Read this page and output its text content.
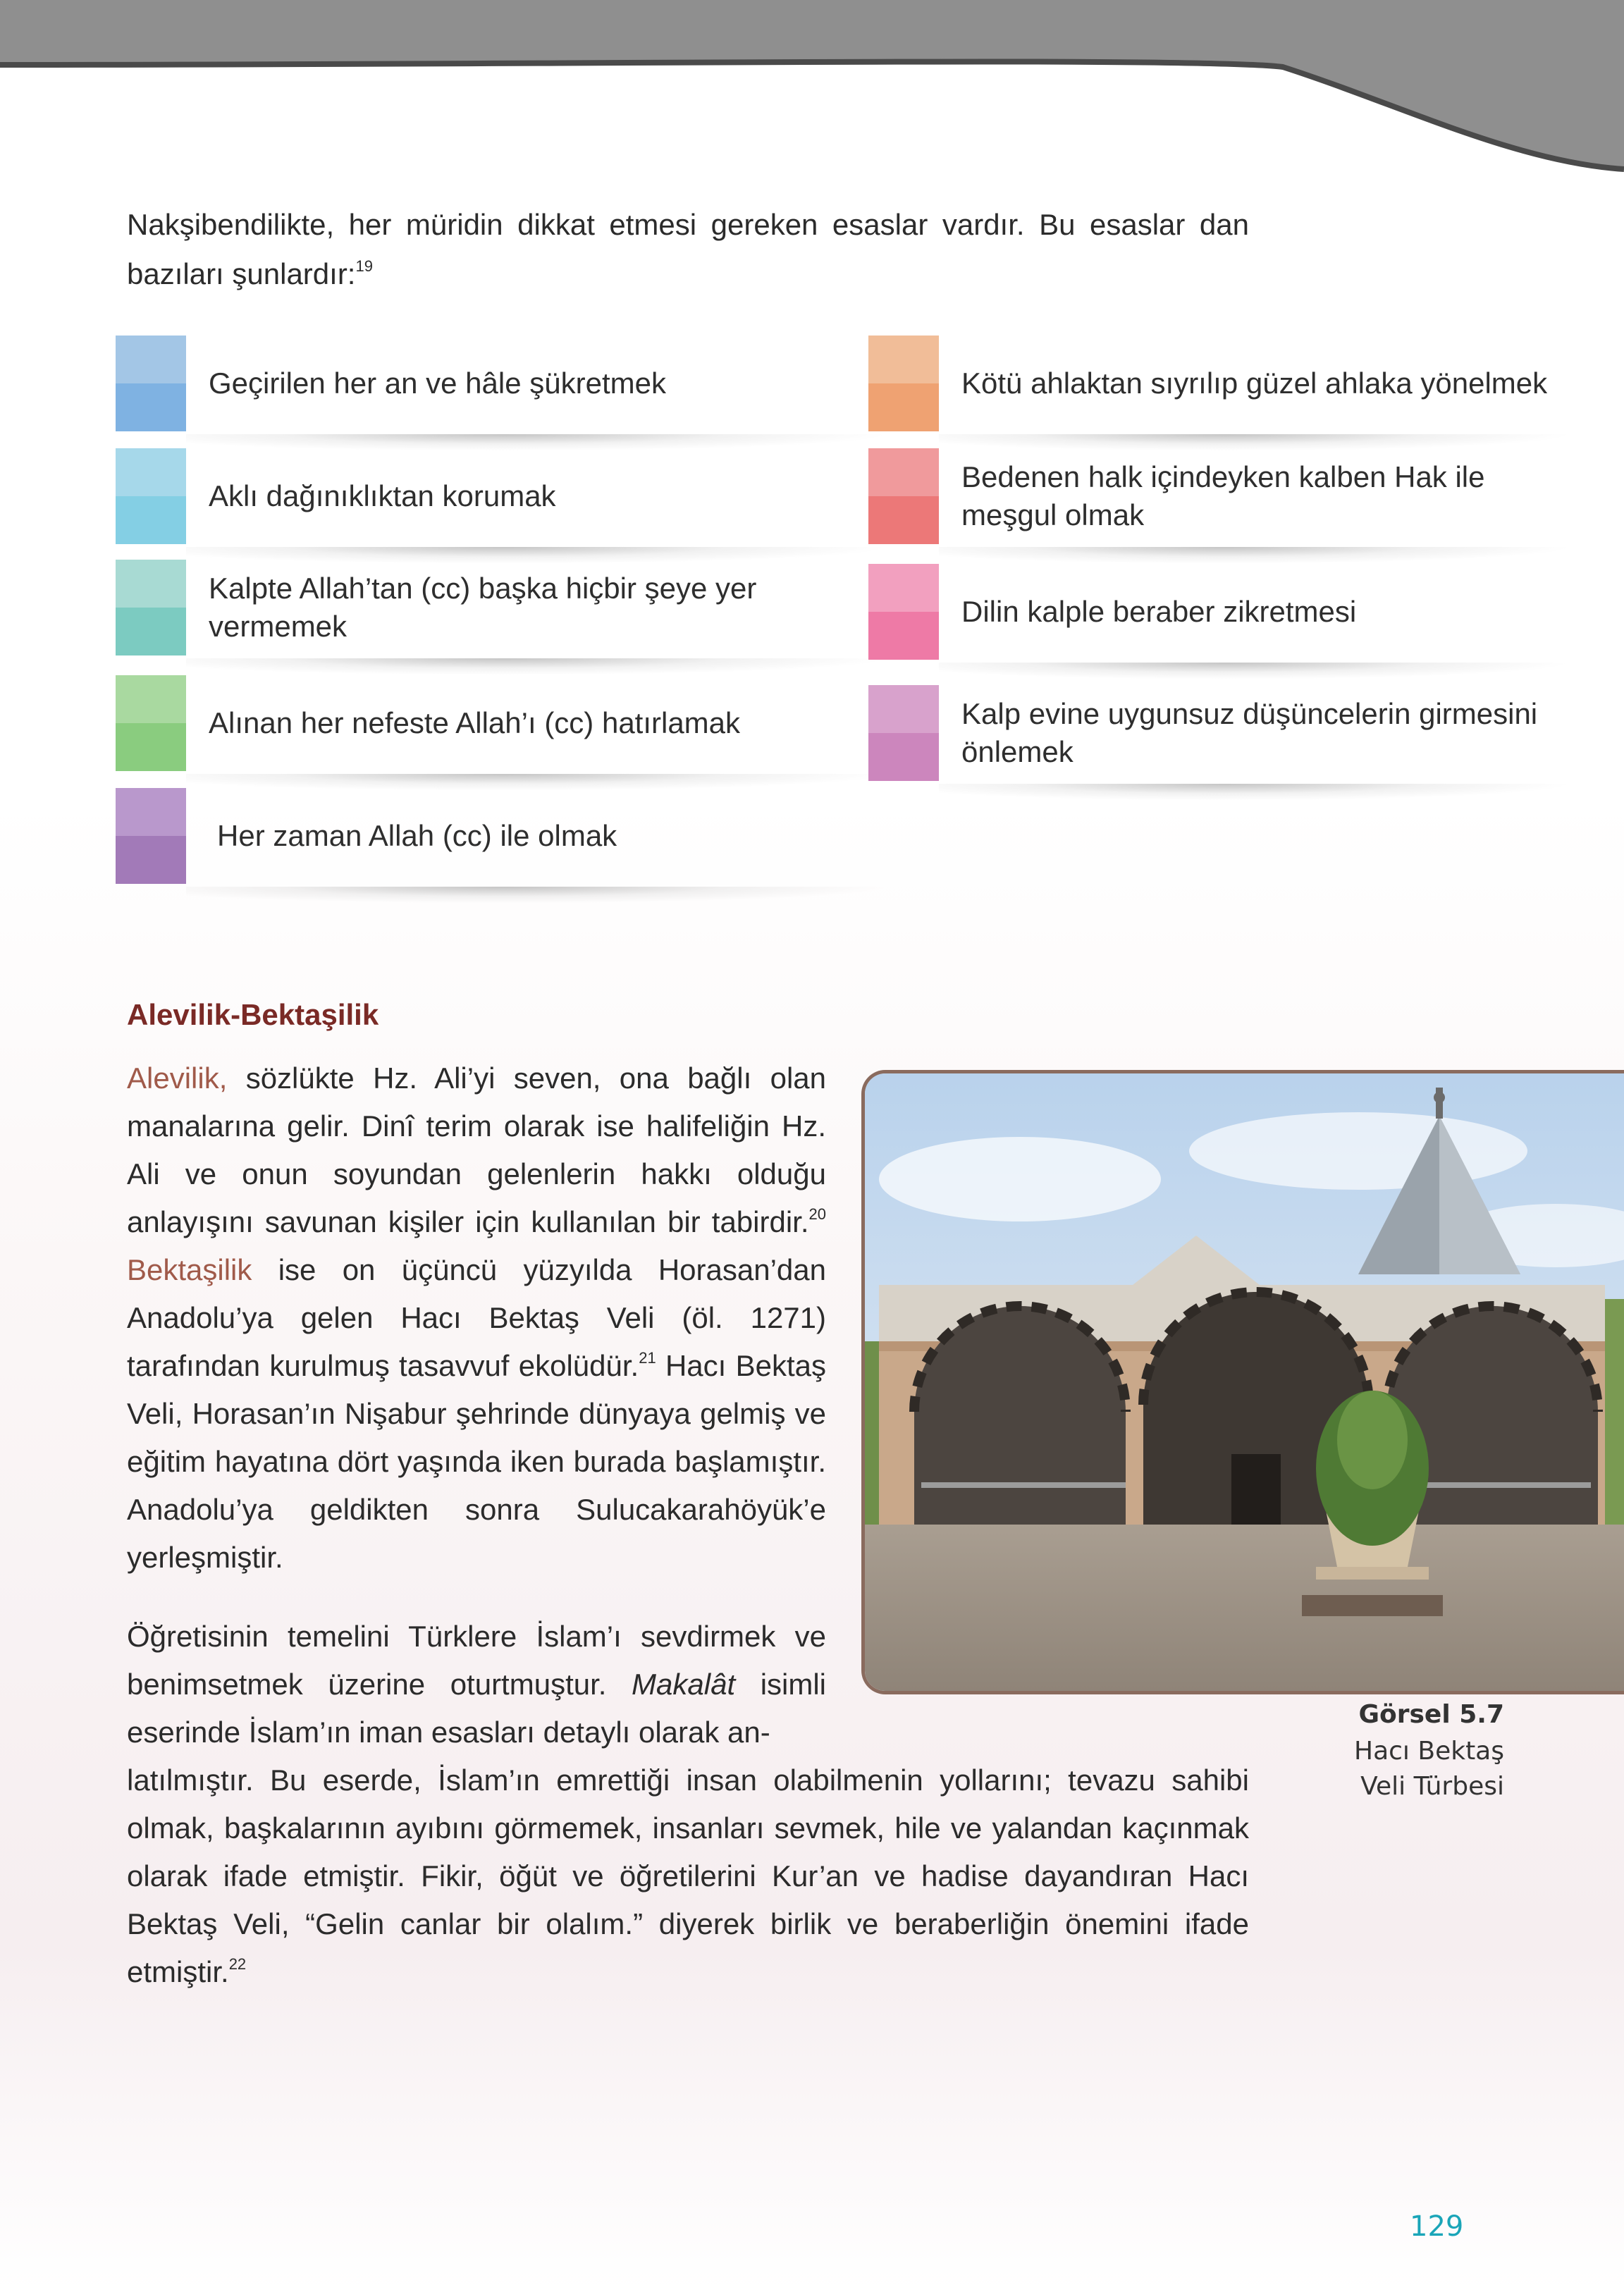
Nakşibendilikte, her müridin dikkat etmesi gereken esaslar vardır. Bu esaslar dan bazıları şunlardır:$^{19}$
Geçirilen her an ve hâle şükretmek
Aklı dağınıklıktan korumak
Kalpte Allah’tan (cc) başka hiçbir şeye yer vermemek
Alınan her nefeste Allah’ı (cc) hatırlamak
Her zaman Allah (cc) ile olmak
Kötü ahlaktan sıyrılıp güzel ahlaka yönelmek
Bedenen halk içindeyken kalben Hak ile meşgul olmak
Dilin kalple beraber zikretmesi
Kalp evine uygunsuz düşüncelerin girmesini önlemek
Alevilik-Bektaşilik
Alevilik, sözlükte Hz. Ali’yi seven, ona bağlı olan manalarına gelir. Dinî terim olarak ise halifeliğin Hz. Ali ve onun soyundan gelenlerin hakkı olduğu anlayışını savunan kişiler için kullanılan bir tabirdir.$^{20}$ Bektaşilik ise on üçüncü yüzyılda Horasan’dan Anadolu’ya gelen Hacı Bektaş Veli (öl. 1271) tarafından kurulmuş tasavvuf ekolüdür.$^{21}$ Hacı Bektaş Veli, Horasan’ın Nişabur şehrinde dünyaya gelmiş ve eğitim hayatına dört yaşında iken burada başlamıştır. Anadolu’ya geldikten sonra Sulucakarahöyük’e yerleşmiştir.
Öğretisinin temelini Türklere İslam’ı sevdirmek ve benimsetmek üzerine oturtmuştur. Makalât isimli eserinde İslam’ın iman esasları detaylı olarak an-
latılmıştır. Bu eserde, İslam’ın emrettiği insan olabilmenin yollarını; tevazu sahibi olmak, başkalarının ayıbını görmemek, insanları sevmek, hile ve yalandan kaçınmak olarak ifade etmiştir. Fikir, öğüt ve öğretilerini Kur’an ve hadise dayandıran Hacı Bektaş Veli, “Gelin canlar bir olalım.” diyerek birlik ve beraberliğin önemini ifade etmiştir.$^{22}$
Görsel 5.7
Hacı Bektaş
Veli Türbesi
129
